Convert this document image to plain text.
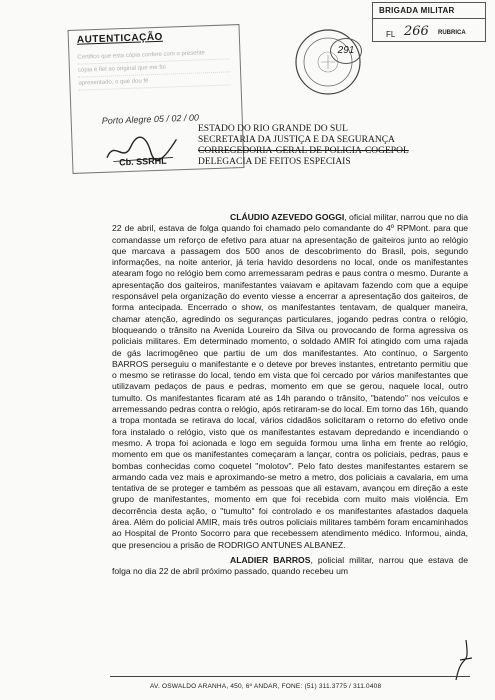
AUTENTICAÇÃO
Certifico que esta cópia confere com o presente
cópia é fiel ao original que me foi
apresentado, o que dou fé
Porto Alegre 05 / 02 / 00
Cb. SSRHL
291
BRIGADA MILITAR
FL 266 RUBRICA
ESTADO DO RIO GRANDE DO SUL
SECRETARIA DA JUSTIÇA E DA SEGURANÇA
CORREGEDORIA-GERAL DE POLICIA-COGEPOL
DELEGACIA DE FEITOS ESPECIAIS

CLÁUDIO AZEVEDO GOGGI, oficial militar, narrou que no dia 22 de abril, estava de folga quando foi chamado pelo comandante do 4º RPMont. para que comandasse um reforço de efetivo para atuar na apresentação de gaiteiros junto ao relógio que marcava a passagem dos 500 anos de descobrimento do Brasil, pois, segundo informações, na noite anterior, já teria havido desordens no local, onde os manifestantes atearam fogo no relógio bem como arremessaram pedras e paus contra o mesmo. Durante a apresentação dos gaiteiros, manifestantes vaiavam e apitavam fazendo com que a equipe responsável pela organização do evento viesse a encerrar a apresentação dos gaiteiros, de forma antecipada. Encerrado o show, os manifestantes tentavam, de qualquer maneira, chamar atenção, agredindo os seguranças particulares, jogando pedras contra o relógio, bloqueando o trânsito na Avenida Loureiro da Silva ou provocando de forma agressiva os policiais militares. Em determinado momento, o soldado AMIR foi atingido com uma rajada de gás lacrimogêneo que partiu de um dos manifestantes. Ato contínuo, o Sargento BARROS perseguiu o manifestante e o deteve por breves instantes, entretanto permitiu que o mesmo se retirasse do local, tendo em vista que foi cercado por vários manifestantes que utilizavam pedaços de paus e pedras, momento em que se gerou, naquele local, outro tumulto. Os manifestantes ficaram até as 14h parando o trânsito, "batendo" nos veículos e arremessando pedras contra o relógio, após retiraram-se do local. Em torno das 16h, quando a tropa montada se retirava do local, vários cidadãos solicitaram o retorno do efetivo onde fora instalado o relógio, visto que os manifestantes estavam depredando e incendiando o mesmo. A tropa foi acionada e logo em seguida formou uma linha em frente ao relógio, momento em que os manifestantes começaram a lançar, contra os policiais, pedras, paus e bombas conhecidas como coquetel "molotov". Pelo fato destes manifestantes estarem se armando cada vez mais e aproximando-se metro a metro, dos policiais a cavalaria, em uma tentativa de se proteger e também as pessoas que ali estavam, avançou em direção a este grupo de manifestantes, momento em que foi recebida com muito mais violência. Em decorrência desta ação, o "tumulto" foi controlado e os manifestantes afastados daquela área. Além do policial AMIR, mais três outros policiais militares também foram encaminhados ao Hospital de Pronto Socorro para que recebessem atendimento médico. Informou, ainda, que presenciou a prisão de RODRIGO ANTUNES ALBANEZ.

ALADIER BARROS, policial militar, narrou que estava de folga no dia 22 de abril próximo passado, quando recebeu um

AV. OSWALDO ARANHA, 450, 6º ANDAR, FONE: (51) 311.3775 / 311.0408
